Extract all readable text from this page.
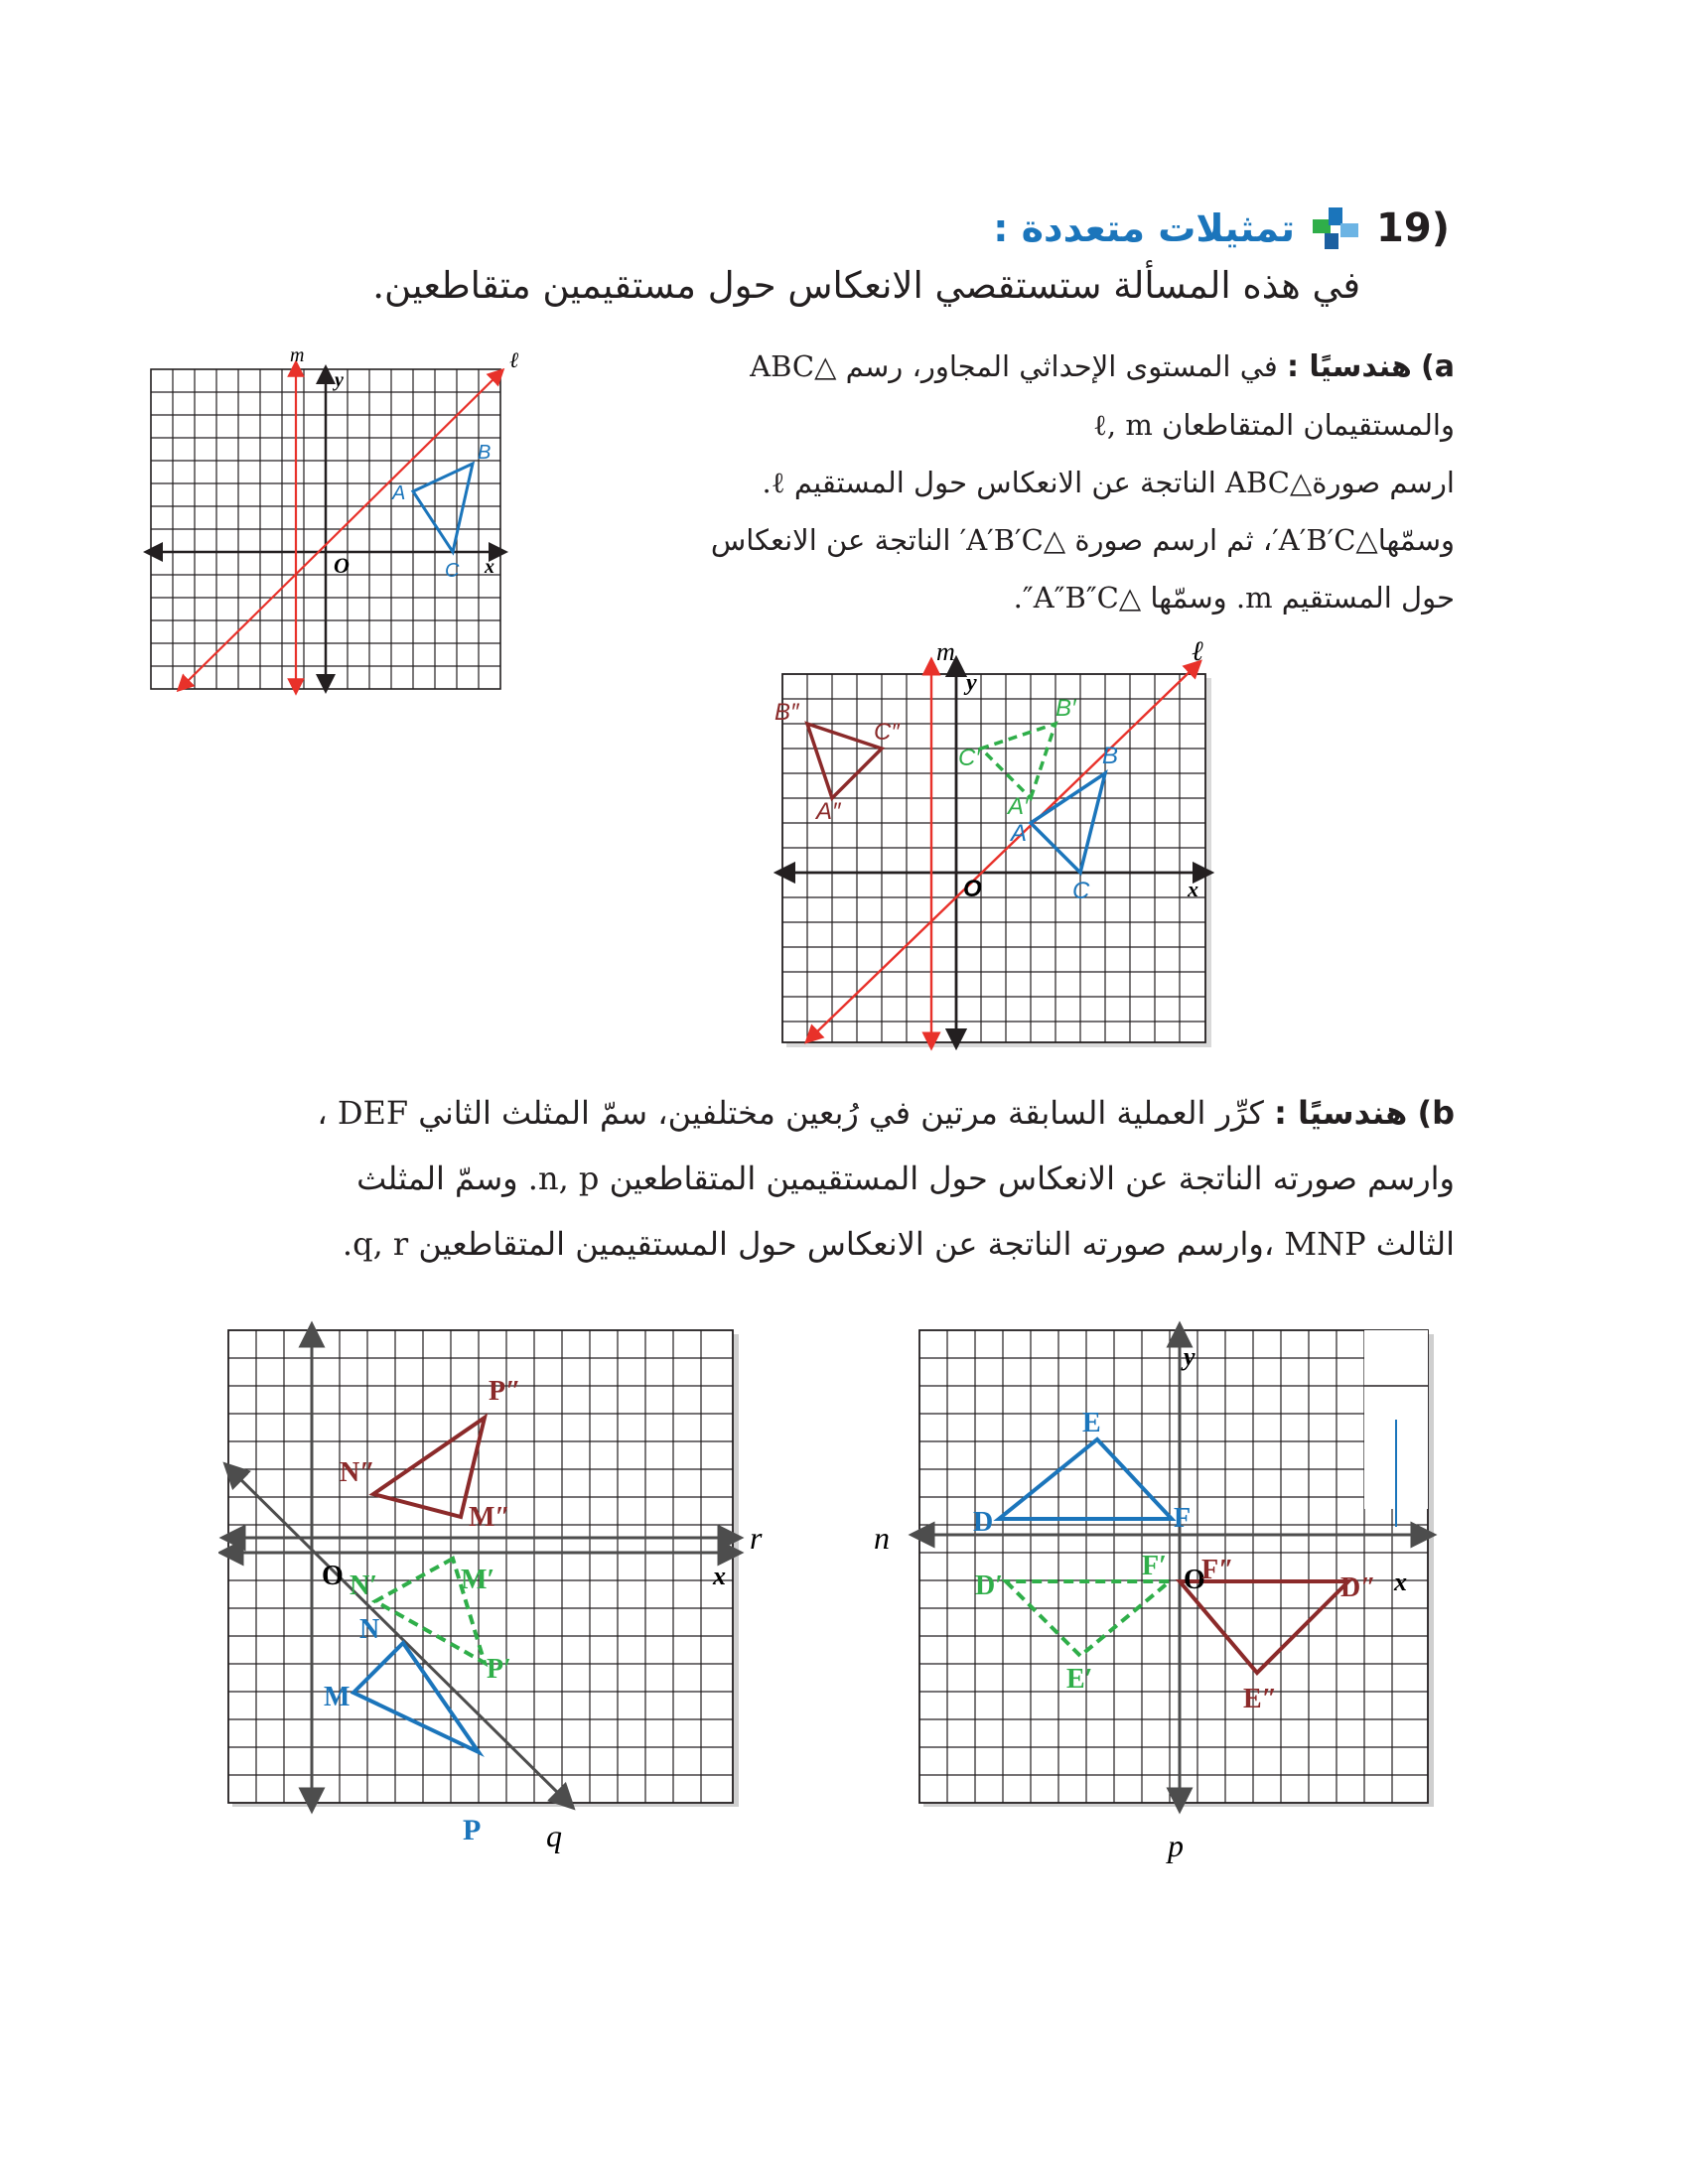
تمثيلات متعددة : 19)
في هذه المسألة ستستقصي الانعكاس حول مستقيمين متقاطعين.
a) هندسيًا : في المستوى الإحداثي المجاور، رسم △ABC
والمستقيمان المتقاطعان ℓ, m
ارسم صورة△ABC الناتجة عن الانعكاس حول المستقيم ℓ.
وسمّها△A′B′C′، ثم ارسم صورة △A′B′C′ الناتجة عن الانعكاس
حول المستقيم m. وسمّها △A″B″C″.
m	ℓ
y
x
O
A
B
C
m	ℓ
y
x
O
A
B
C
A′
B′
C′
A″
B″
C″
b) هندسيًا : كرِّر العملية السابقة مرتين في رُبعين مختلفين، سمّ المثلث الثاني DEF ،
وارسم صورته الناتجة عن الانعكاس حول المستقيمين المتقاطعين n, p. وسمّ المثلث
الثالث MNP ،وارسم صورته الناتجة عن الانعكاس حول المستقيمين المتقاطعين q, r.
O	x
r
q
M
N
P
M′
N′
P′
M″
N″
P″
y
x
n
p
O
D
E
F
D′
E′
F′
D″
E″
F″
